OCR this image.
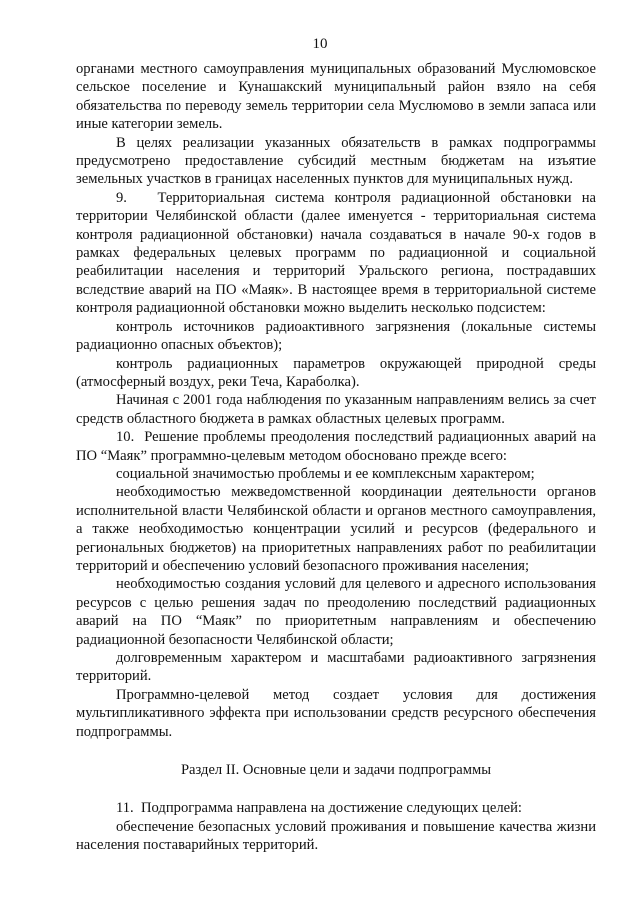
10

органами местного самоуправления муниципальных образований Муслюмовское сельское поселение и Кунашакский муниципальный район взяло на себя обязательства по переводу земель территории села Муслюмово в земли запаса или иные категории земель.

В целях реализации указанных обязательств в рамках подпрограммы предусмотрено предоставление субсидий местным бюджетам на изъятие земельных участков в границах населенных пунктов для муниципальных нужд.

9.   Территориальная система контроля радиационной обстановки на территории Челябинской области (далее именуется - территориальная система контроля радиационной обстановки) начала создаваться в начале 90-х годов в рамках федеральных целевых программ по радиационной и социальной реабилитации населения и территорий Уральского региона, пострадавших вследствие аварий на ПО «Маяк». В настоящее время в территориальной системе контроля радиационной обстановки можно выделить несколько подсистем:

контроль источников радиоактивного загрязнения (локальные системы радиационно опасных объектов);

контроль радиационных параметров окружающей природной среды (атмосферный воздух, реки Теча, Караболка).

Начиная с 2001 года наблюдения по указанным направлениям велись за счет средств областного бюджета в рамках областных целевых программ.

10.  Решение проблемы преодоления последствий радиационных аварий на ПО “Маяк” программно-целевым методом обосновано прежде всего:

социальной значимостью проблемы и ее комплексным характером;

необходимостью межведомственной координации деятельности органов исполнительной власти Челябинской области и органов местного самоуправления, а также необходимостью концентрации усилий и ресурсов (федерального и региональных бюджетов) на приоритетных направлениях работ по реабилитации территорий и обеспечению условий безопасного проживания населения;

необходимостью создания условий для целевого и адресного использования ресурсов с целью решения задач по преодолению последствий радиационных аварий на ПО “Маяк” по приоритетным направлениям и обеспечению радиационной безопасности Челябинской области;

долговременным характером и масштабами радиоактивного загрязнения территорий.

Программно-целевой метод создает условия для достижения мультипликативного эффекта при использовании средств ресурсного обеспечения подпрограммы.

Раздел II. Основные цели и задачи подпрограммы

11.  Подпрограмма направлена на достижение следующих целей:

обеспечение безопасных условий проживания и повышение качества жизни населения поставарийных территорий.
